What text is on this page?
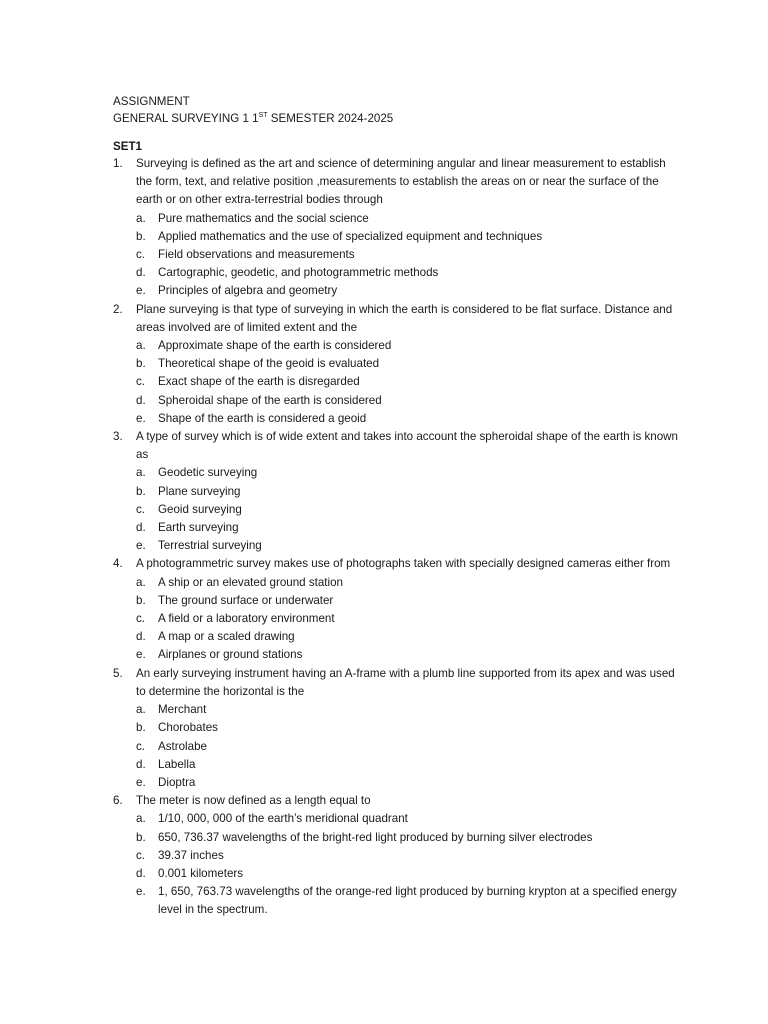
ASSIGNMENT
GENERAL SURVEYING 1 1ST SEMESTER 2024-2025
SET1
1. Surveying is defined as the art and science of determining angular and linear measurement to establish the form, text, and relative position ,measurements to establish the areas on or near the surface of the earth or on other extra-terrestrial bodies through
a. Pure mathematics and the social science
b. Applied mathematics and the use of specialized equipment and techniques
c. Field observations and measurements
d. Cartographic, geodetic, and photogrammetric methods
e. Principles of algebra and geometry
2. Plane surveying is that type of surveying in which the earth is considered to be flat surface. Distance and areas involved are of limited extent and the
a. Approximate shape of the earth is considered
b. Theoretical shape of the geoid is evaluated
c. Exact shape of the earth is disregarded
d. Spheroidal shape of the earth is considered
e. Shape of the earth is considered a geoid
3. A type of survey which is of wide extent and takes into account the spheroidal shape of the earth is known as
a. Geodetic surveying
b. Plane surveying
c. Geoid surveying
d. Earth surveying
e. Terrestrial surveying
4. A photogrammetric survey makes use of photographs taken with specially designed cameras either from
a. A ship or an elevated ground station
b. The ground surface or underwater
c. A field or a laboratory environment
d. A map or a scaled drawing
e. Airplanes or ground stations
5. An early surveying instrument having an A-frame with a plumb line supported from its apex and was used to determine the horizontal is the
a. Merchant
b. Chorobates
c. Astrolabe
d. Labella
e. Dioptra
6. The meter is now defined as a length equal to
a. 1/10, 000, 000 of the earth’s meridional quadrant
b. 650, 736.37 wavelengths of the bright-red light produced by burning silver electrodes
c. 39.37 inches
d. 0.001 kilometers
e. 1, 650, 763.73 wavelengths of the orange-red light produced by burning krypton at a specified energy level in the spectrum.
